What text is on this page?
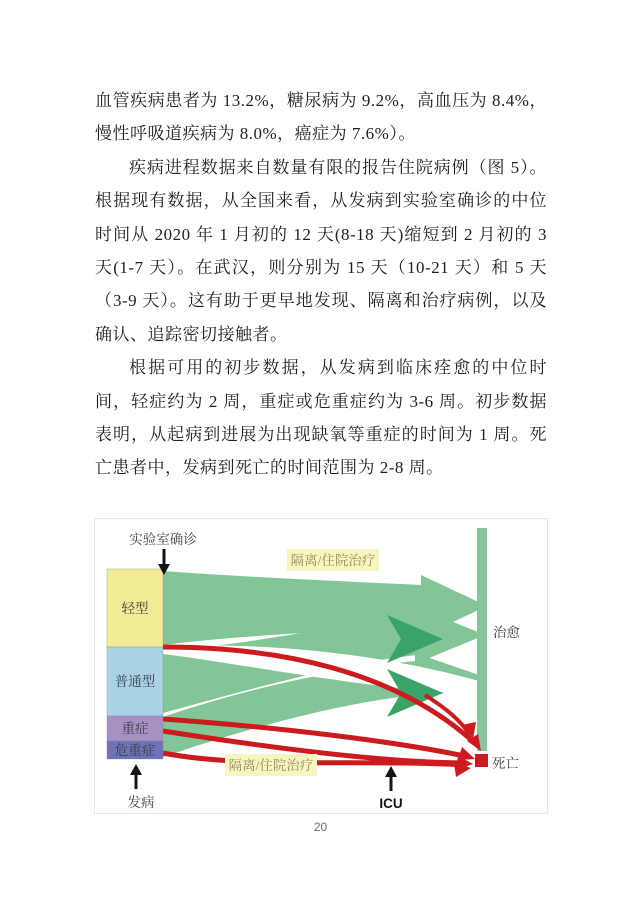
血管疾病患者为 13.2%，糖尿病为 9.2%，高血压为 8.4%，慢性呼吸道疾病为 8.0%，癌症为 7.6%）。

疾病进程数据来自数量有限的报告住院病例（图 5）。根据现有数据，从全国来看，从发病到实验室确诊的中位时间从 2020 年 1 月初的 12 天(8-18 天)缩短到 2 月初的 3 天(1-7 天）。在武汉，则分别为 15 天（10-21 天）和 5 天（3-9 天）。这有助于更早地发现、隔离和治疗病例，以及确认、追踪密切接触者。

根据可用的初步数据，从发病到临床痊愈的中位时间，轻症约为 2 周，重症或危重症约为 3-6 周。初步数据表明，从起病到进展为出现缺氧等重症的时间为 1 周。死亡患者中，发病到死亡的时间范围为 2-8 周。

轻型
普通型
重症
危重症
实验室确诊
隔离/住院治疗
隔离/住院治疗
治愈
死亡
发病	ICU
20
